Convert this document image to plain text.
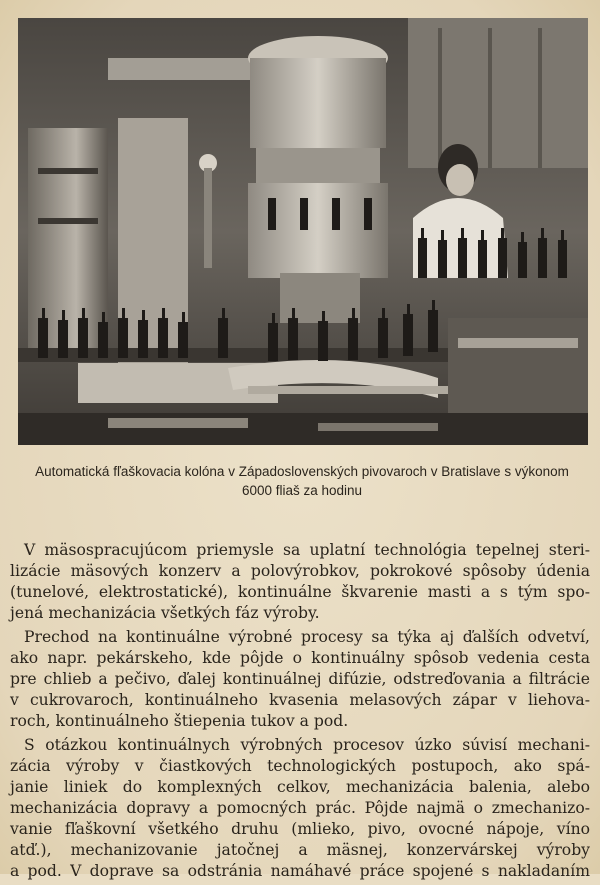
Automatická fľaškovacia kolóna v Západoslovenských pivovaroch v Bratislave s výkonom
6000 fliaš za hodinu

V mäsospracujúcom priemysle sa uplatní technológia tepelnej steri-
lizácie mäsových konzerv a polovýrobkov, pokrokové spôsoby údenia
(tunelové, elektrostatické), kontinuálne škvarenie masti a s tým spo-
jená mechanizácia všetkých fáz výroby.

Prechod na kontinuálne výrobné procesy sa týka aj ďalších odvetví,
ako napr. pekárskeho, kde pôjde o kontinuálny spôsob vedenia cesta
pre chlieb a pečivo, ďalej kontinuálnej difúzie, odstreďovania a filtrácie
v cukrovaroch, kontinuálneho kvasenia melasových zápar v liehova-
roch, kontinuálneho štiepenia tukov a pod.

S otázkou kontinuálnych výrobných procesov úzko súvisí mechani-
zácia výroby v čiastkových technologických postupoch, ako spá-
janie liniek do komplexných celkov, mechanizácia balenia, alebo
mechanizácia dopravy a pomocných prác. Pôjde najmä o zmechanizo-
vanie fľaškovní všetkého druhu (mlieko, pivo, ovocné nápoje, víno
atď.), mechanizovanie jatočnej a mäsnej, konzervárskej výroby
a pod. V doprave sa odstránia namáhavé práce spojené s nakladaním
